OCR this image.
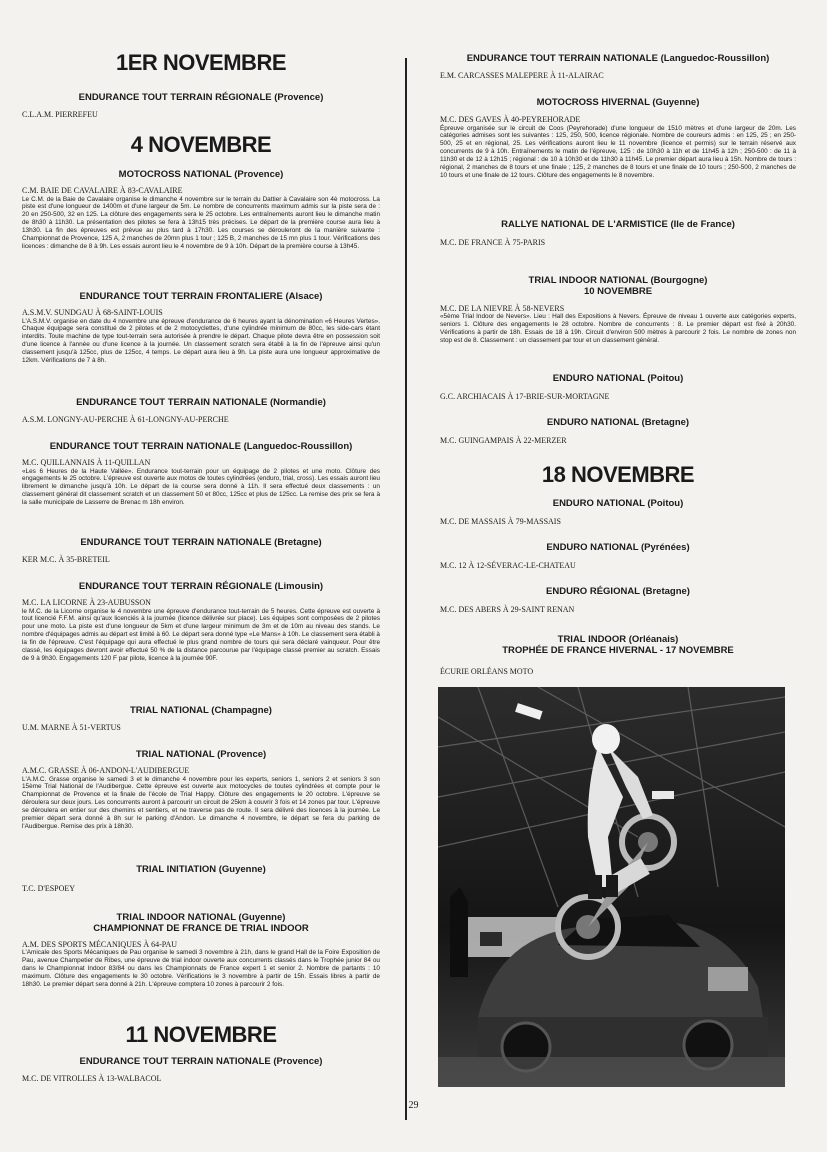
1ER NOVEMBRE

ENDURANCE TOUT TERRAIN RÉGIONALE (Provence)

C.L.A.M. PIERREFEU

4 NOVEMBRE

MOTOCROSS NATIONAL (Provence)

C.M. BAIE DE CAVALAIRE À 83-CAVALAIRE

Le C.M. de la Baie de Cavalaire organise le dimanche 4 novembre sur le terrain du Dattier à Cavalaire son 4è motocross. La piste est d'une longueur de 1400m et d'une largeur de 5m. Le nombre de concurrents maximum admis sur la piste sera de : 20 en 250-500, 32 en 125. La clôture des engagements sera le 25 octobre. Les entraînements auront lieu le dimanche matin de 8h30 à 11h30. La présentation des pilotes se fera à 13h15 très précises. Le départ de la première course aura lieu à 13h30. La fin des épreuves est prévue au plus tard à 17h30. Les courses se dérouleront de la manière suivante : Championnat de Provence, 125 A, 2 manches de 20mn plus 1 tour ; 125 B, 2 manches de 15 mn plus 1 tour. Vérifications des licences : dimanche de 8 à 9h. Les essais auront lieu le 4 novembre de 9 à 10h. Départ de la première course à 13h45.

ENDURANCE TOUT TERRAIN FRONTALIERE (Alsace)

A.S.M.V. SUNDGAU À 68-SAINT-LOUIS

L'A.S.M.V. organise en date du 4 novembre une épreuve d'endurance de 6 heures ayant la dénomination «6 Heures Vertes». Chaque équipage sera constitué de 2 pilotes et de 2 motocyclettes, d'une cylindrée minimum de 80cc, les side-cars étant interdits. Toute machine de type tout-terrain sera autorisée à prendre le départ. Chaque pilote devra être en possession soit d'une licence à l'année ou d'une licence à la journée. Un classement scratch sera établi à la fin de l'épreuve ainsi qu'un classement jusqu'à 125cc, plus de 125cc, 4 temps. Le départ aura lieu à 9h. La piste aura une longueur approximative de 12km. Vérifications de 7 à 8h.

ENDURANCE TOUT TERRAIN NATIONALE (Normandie)

A.S.M. LONGNY-AU-PERCHE À 61-LONGNY-AU-PERCHE

ENDURANCE TOUT TERRAIN NATIONALE (Languedoc-Roussillon)

M.C. QUILLANNAIS À 11-QUILLAN

«Les 6 Heures de la Haute Vallée». Endurance tout-terrain pour un équipage de 2 pilotes et une moto. Clôture des engagements le 25 octobre. L'épreuve est ouverte aux motos de toutes cylindrées (enduro, trial, cross). Les essais auront lieu librement le dimanche jusqu'à 10h. Le départ de la course sera donné à 11h. Il sera effectué deux classements : un classement général dit classement scratch et un classement 50 et 80cc, 125cc et plus de 125cc. La remise des prix se fera à la salle municipale de Lasserre de Brenac m 18h environ.

ENDURANCE TOUT TERRAIN NATIONALE (Bretagne)

KER M.C. À 35-BRETEIL

ENDURANCE TOUT TERRAIN RÉGIONALE (Limousin)

M.C. LA LICORNE À 23-AUBUSSON

le M.C. de la Licorne organise le 4 novembre une épreuve d'endurance tout-terrain de 5 heures. Cette épreuve est ouverte à tout licencié F.F.M. ainsi qu'aux licenciés à la journée (licence délivrée sur place). Les équipes sont composées de 2 pilotes pour une moto. La piste est d'une longueur de 5km et d'une largeur minimum de 3m et de 10m au niveau des stands. Le nombre d'équipages admis au départ est limité à 60. Le départ sera donné type «Le Mans» à 10h. Le classement sera établi à la fin de l'épreuve. C'est l'équipage qui aura effectué le plus grand nombre de tours qui sera déclaré vainqueur. Pour être classé, les équipages devront avoir effectué 50 % de la distance parcourue par l'équipage classé premier au scratch. Essais de 9 à 9h30. Engagements 120 F par pilote, licence à la journée 90F.

TRIAL NATIONAL (Champagne)

U.M. MARNE À 51-VERTUS

TRIAL NATIONAL (Provence)

A.M.C. GRASSE À 06-ANDON-L'AUDIBERGUE

L'A.M.C. Grasse organise le samedi 3 et le dimanche 4 novembre pour les experts, seniors 1, seniors 2 et seniors 3 son 15ème Trial National de l'Audibergue. Cette épreuve est ouverte aux motocycles de toutes cylindrées et compte pour le Championnat de Provence et la finale de l'école de Trial Happy. Clôture des engagements le 20 octobre. L'épreuve se déroulera sur deux jours. Les concurrents auront à parcourir un circuit de 25km à couvrir 3 fois et 14 zones par tour. L'épreuve se déroulera en entier sur des chemins et sentiers, et ne traverse pas de route. Il sera délivré des licences à la journée. Le premier départ sera donné à 8h sur le parking d'Andon. Le dimanche 4 novembre, le départ se fera du parking de l'Audibergue. Remise des prix à 18h30.

TRIAL INITIATION (Guyenne)

T.C. D'ESPOEY

TRIAL INDOOR NATIONAL (Guyenne)

CHAMPIONNAT DE FRANCE DE TRIAL INDOOR

A.M. DES SPORTS MÉCANIQUES À 64-PAU

L'Amicale des Sports Mécaniques de Pau organise le samedi 3 novembre à 21h, dans le grand Hall de la Foire Exposition de Pau, avenue Champetier de Ribes, une épreuve de trial indoor ouverte aux concurrents classés dans le Trophée junior 84 ou dans le Championnat Indoor 83/84 ou dans les Championnats de France expert 1 et senior 2. Nombre de partants : 10 maximum. Clôture des engagements le 30 octobre. Vérifications le 3 novembre à partir de 15h. Essais libres à partir de 18h30. Le premier départ sera donné à 21h. L'épreuve comptera 10 zones à parcourir 2 fois.

11 NOVEMBRE

ENDURANCE TOUT TERRAIN NATIONALE (Provence)

M.C. DE VITROLLES À 13-WALBACOL

ENDURANCE TOUT TERRAIN NATIONALE (Languedoc-Roussillon)

E.M. CARCASSES MALEPERE À 11-ALAIRAC

MOTOCROSS HIVERNAL (Guyenne)

M.C. DES GAVES À 40-PEYREHORADE

Épreuve organisée sur le circuit de Coos (Peyrehorade) d'une longueur de 1510 mètres et d'une largeur de 20m. Les catégories admises sont les suivantes : 125, 250, 500, licence régionale. Nombre de coureurs admis : en 125, 25 ; en 250-500, 25 et en régional, 25. Les vérifications auront lieu le 11 novembre (licence et permis) sur le terrain réservé aux concurrents de 9 à 10h. Entraînements le matin de l'épreuve, 125 : de 10h30 à 11h et de 11h45 à 12h ; 250-500 : de 11 à 11h30 et de 12 à 12h15 ; régional : de 10 à 10h30 et de 11h30 à 11h45. Le premier départ aura lieu à 15h. Nombre de tours : régional, 2 manches de 8 tours et une finale ; 125, 2 manches de 8 tours et une finale de 10 tours ; 250-500, 2 manches de 10 tours et une finale de 12 tours. Clôture des engagements le 8 novembre.

RALLYE NATIONAL DE L'ARMISTICE (Ile de France)

M.C. DE FRANCE À 75-PARIS

TRIAL INDOOR NATIONAL (Bourgogne)

10 NOVEMBRE

M.C. DE LA NIEVRE À 58-NEVERS

«5ème Trial Indoor de Nevers». Lieu : Hall des Expositions à Nevers. Épreuve de niveau 1 ouverte aux catégories experts, seniors 1. Clôture des engagements le 28 octobre. Nombre de concurrents : 8. Le premier départ est fixé à 20h30. Vérifications à partir de 18h. Essais de 18 à 19h. Circuit d'environ 500 mètres à parcourir 2 fois. Le nombre de zones non stop est de 8. Classement : un classement par tour et un classement général.

ENDURO NATIONAL (Poitou)

G.C. ARCHIACAIS À 17-BRIE-SUR-MORTAGNE

ENDURO NATIONAL (Bretagne)

M.C. GUINGAMPAIS À 22-MERZER

18 NOVEMBRE

ENDURO NATIONAL (Poitou)

M.C. DE MASSAIS À 79-MASSAIS

ENDURO NATIONAL (Pyrénées)

M.C. 12 À 12-SÉVERAC-LE-CHATEAU

ENDURO RÉGIONAL (Bretagne)

M.C. DES ABERS À 29-SAINT RENAN

TRIAL INDOOR (Orléanais)

TROPHÉE DE FRANCE HIVERNAL - 17 NOVEMBRE

ÉCURIE ORLÉANS MOTO

29
